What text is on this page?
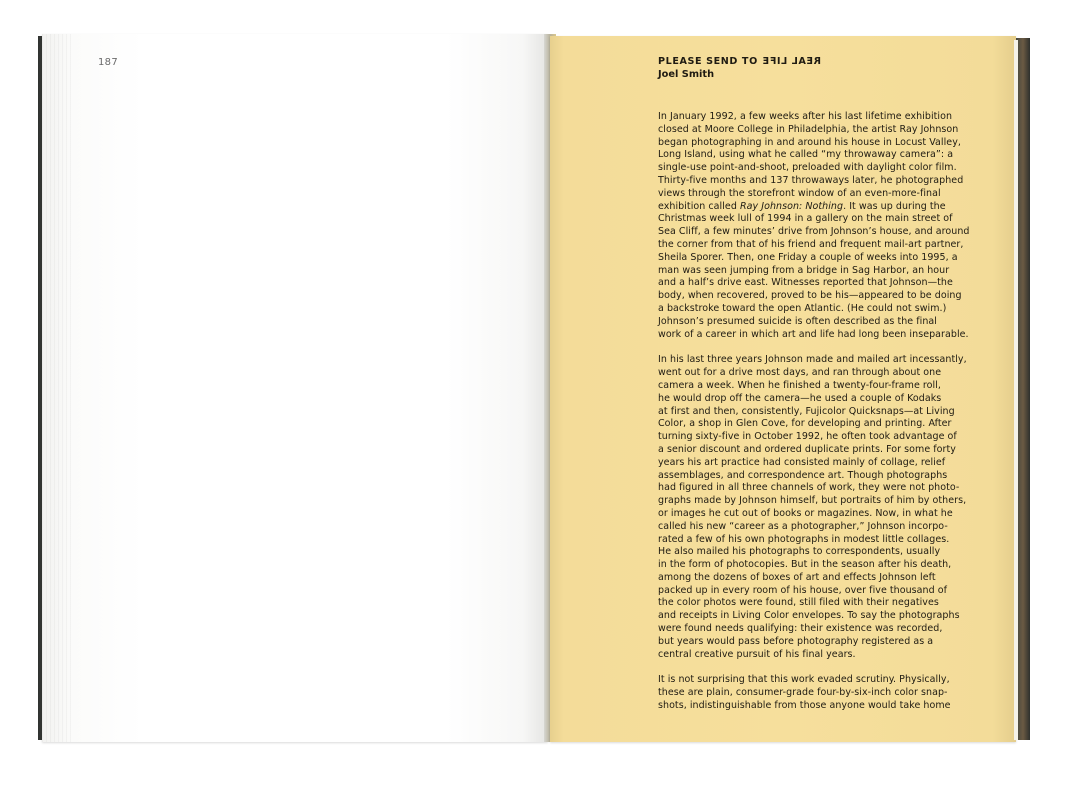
187	PLEASE SEND TO REAL LIFE
Joel Smith

In January 1992, a few weeks after his last lifetime exhibition
closed at Moore College in Philadelphia, the artist Ray Johnson
began photographing in and around his house in Locust Valley,
Long Island, using what he called “my throwaway camera”: a
single-use point-and-shoot, preloaded with daylight color film.
Thirty-five months and 137 throwaways later, he photographed
views through the storefront window of an even-more-final
exhibition called Ray Johnson: Nothing. It was up during the
Christmas week lull of 1994 in a gallery on the main street of
Sea Cliff, a few minutes’ drive from Johnson’s house, and around
the corner from that of his friend and frequent mail-art partner,
Sheila Sporer. Then, one Friday a couple of weeks into 1995, a
man was seen jumping from a bridge in Sag Harbor, an hour
and a half’s drive east. Witnesses reported that Johnson—the
body, when recovered, proved to be his—appeared to be doing
a backstroke toward the open Atlantic. (He could not swim.)
Johnson’s presumed suicide is often described as the final
work of a career in which art and life had long been inseparable.

In his last three years Johnson made and mailed art incessantly,
went out for a drive most days, and ran through about one
camera a week. When he finished a twenty-four-frame roll,
he would drop off the camera—he used a couple of Kodaks
at first and then, consistently, Fujicolor Quicksnaps—at Living
Color, a shop in Glen Cove, for developing and printing. After
turning sixty-five in October 1992, he often took advantage of
a senior discount and ordered duplicate prints. For some forty
years his art practice had consisted mainly of collage, relief
assemblages, and correspondence art. Though photographs
had figured in all three channels of work, they were not photo-
graphs made by Johnson himself, but portraits of him by others,
or images he cut out of books or magazines. Now, in what he
called his new “career as a photographer,” Johnson incorpo-
rated a few of his own photographs in modest little collages.
He also mailed his photographs to correspondents, usually
in the form of photocopies. But in the season after his death,
among the dozens of boxes of art and effects Johnson left
packed up in every room of his house, over five thousand of
the color photos were found, still filed with their negatives
and receipts in Living Color envelopes. To say the photographs
were found needs qualifying: their existence was recorded,
but years would pass before photography registered as a
central creative pursuit of his final years.

It is not surprising that this work evaded scrutiny. Physically,
these are plain, consumer-grade four-by-six-inch color snap-
shots, indistinguishable from those anyone would take home
